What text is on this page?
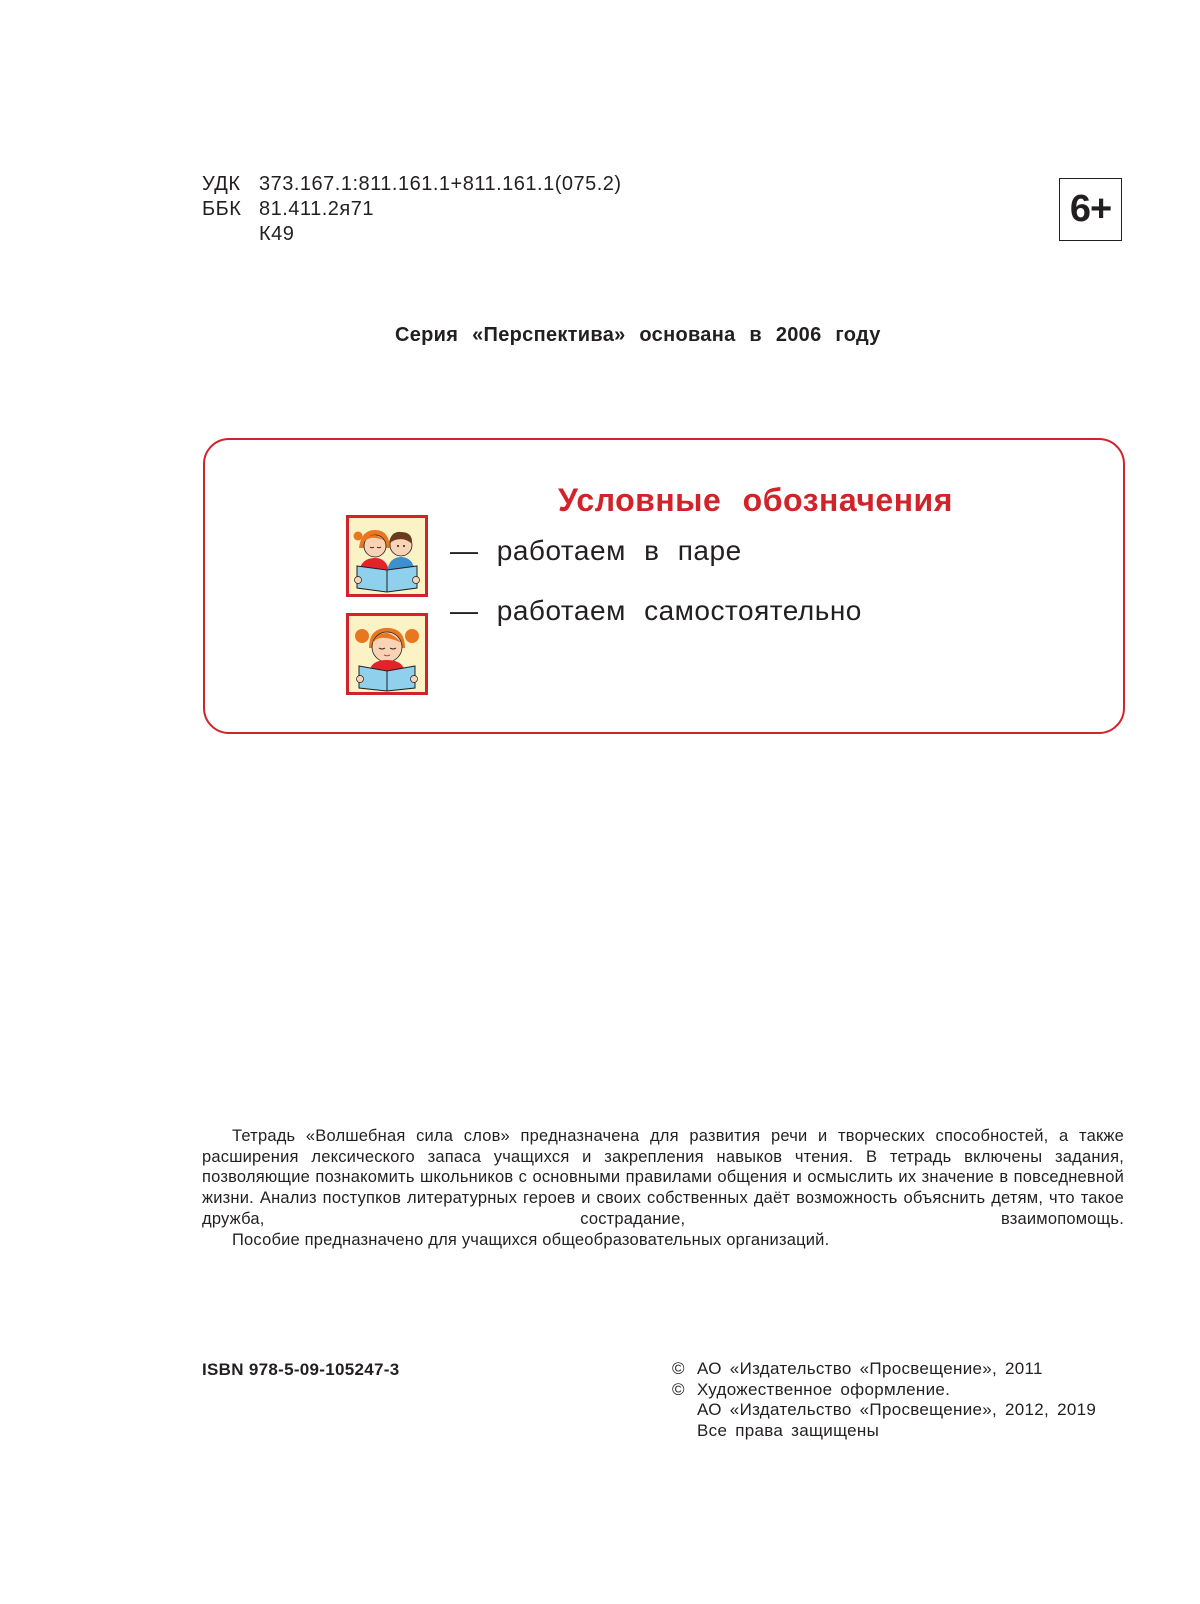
УДК 373.167.1:811.161.1+811.161.1(075.2)
ББК 81.411.2я71
К49
6+
Серия «Перспектива» основана в 2006 году
Условные обозначения
— работаем в паре
— работаем самостоятельно

Тетрадь «Волшебная сила слов» предназначена для развития речи и творческих способностей, а также расширения лексического запаса учащихся и закрепления навыков чтения. В тетрадь включены задания, позволяющие познакомить школьников с основными правилами общения и осмыслить их значение в повседневной жизни. Анализ поступков литературных героев и своих собственных даёт возможность объяснить детям, что такое дружба, сострадание, взаимопомощь.

Пособие предназначено для учащихся общеобразовательных организаций.

ISBN 978-5-09-105247-3	© АО «Издательство «Просвещение», 2011
© Художественное оформление.
АО «Издательство «Просвещение», 2012, 2019
Все права защищены
